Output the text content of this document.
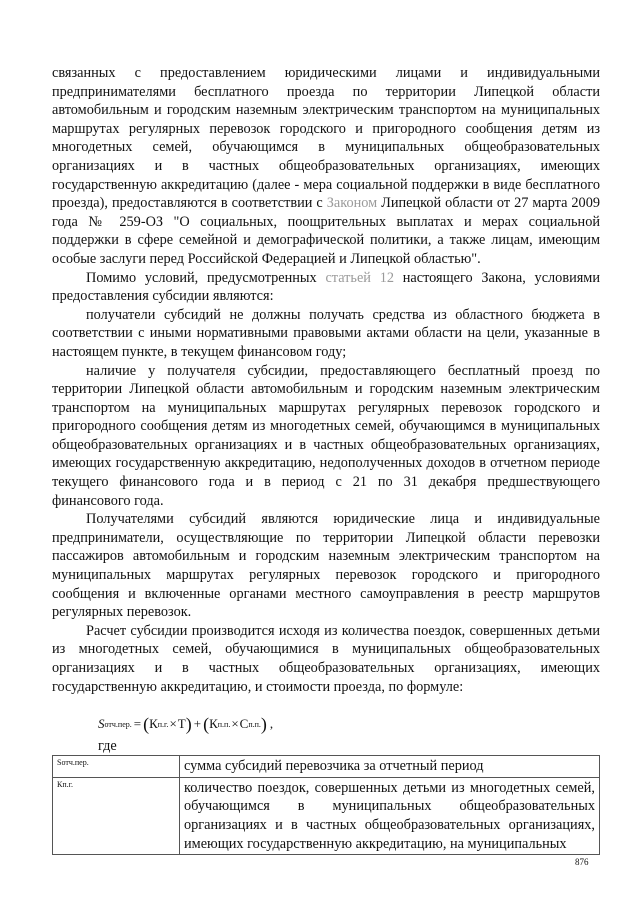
связанных с предоставлением юридическими лицами и индивидуальными предпринимателями бесплатного проезда по территории Липецкой области автомобильным и городским наземным электрическим транспортом на муниципальных маршрутах регулярных перевозок городского и пригородного сообщения детям из многодетных семей, обучающимся в муниципальных общеобразовательных организациях и в частных общеобразовательных организациях, имеющих государственную аккредитацию (далее - мера социальной поддержки в виде бесплатного проезда), предоставляются в соответствии с Законом Липецкой области от 27 марта 2009 года № 259-ОЗ "О социальных, поощрительных выплатах и мерах социальной поддержки в сфере семейной и демографической политики, а также лицам, имеющим особые заслуги перед Российской Федерацией и Липецкой областью".

Помимо условий, предусмотренных статьей 12 настоящего Закона, условиями предоставления субсидии являются:

получатели субсидий не должны получать средства из областного бюджета в соответствии с иными нормативными правовыми актами области на цели, указанные в настоящем пункте, в текущем финансовом году;

наличие у получателя субсидии, предоставляющего бесплатный проезд по территории Липецкой области автомобильным и городским наземным электрическим транспортом на муниципальных маршрутах регулярных перевозок городского и пригородного сообщения детям из многодетных семей, обучающимся в муниципальных общеобразовательных организациях и в частных общеобразовательных организациях, имеющих государственную аккредитацию, недополученных доходов в отчетном периоде текущего финансового года и в период с 21 по 31 декабря предшествующего финансового года.

Получателями субсидий являются юридические лица и индивидуальные предприниматели, осуществляющие по территории Липецкой области перевозки пассажиров автомобильным и городским наземным электрическим транспортом на муниципальных маршрутах регулярных перевозок городского и пригородного сообщения и включенные органами местного самоуправления в реестр маршрутов регулярных перевозок.

Расчет субсидии производится исходя из количества поездок, совершенных детьми из многодетных семей, обучающимися в муниципальных общеобразовательных организациях и в частных общеобразовательных организациях, имеющих государственную аккредитацию, и стоимости проезда, по формуле:

S отч.пер. = ( К п.г. × Т ) + ( К п.п. × С п.п. ) ,
где
Sотч.пер.	сумма субсидий перевозчика за отчетный период
Кп.г.	количество поездок, совершенных детьми из многодетных семей, обучающимся в муниципальных общеобразовательных организациях и в частных общеобразовательных организациях, имеющих государственную аккредитацию, на муниципальных
876
